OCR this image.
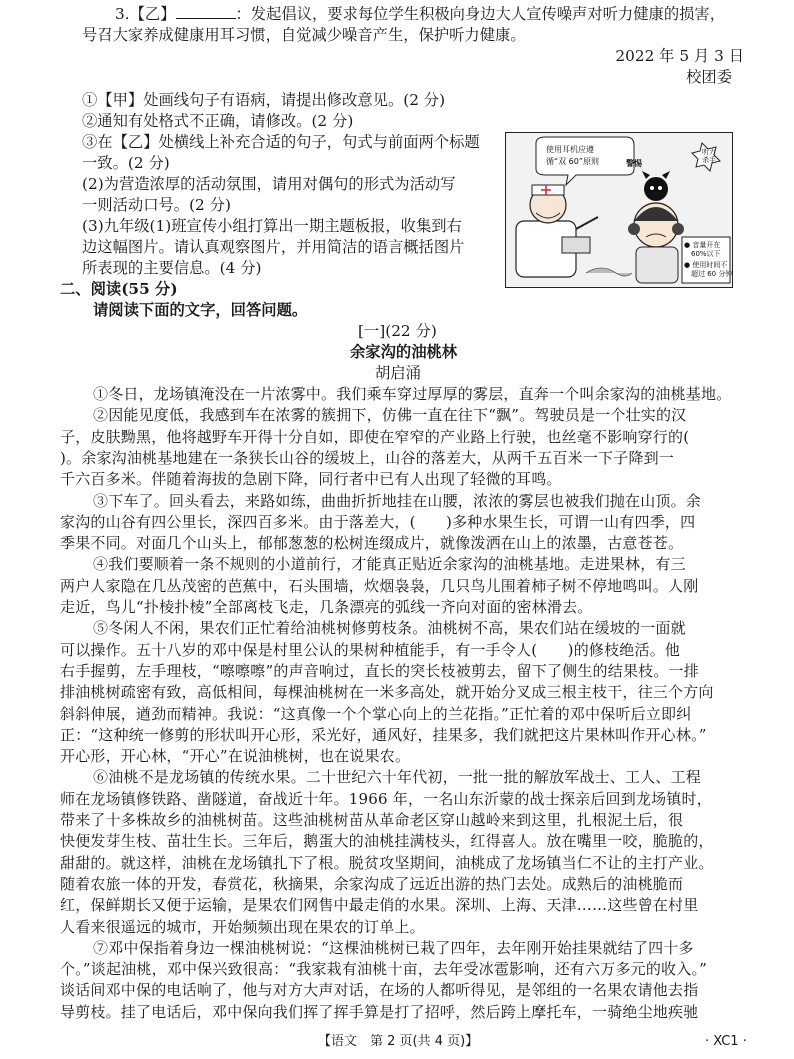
3.【乙】	：发起倡议，要求每位学生积极向身边大人宣传噪声对听力健康的损害，
号召大家养成健康用耳习惯，自觉减少噪音产生，保护听力健康。
2022 年 5 月 3 日
校团委
①【甲】处画线句子有语病，请提出修改意见。(2 分)
②通知有处格式不正确，请修改。(2 分)
③在【乙】处横线上补充合适的句子，句式与前面两个标题
一致。(2 分)
(2)为营造浓厚的活动氛围，请用对偶句的形式为活动写
一则活动口号。(2 分)
(3)九年级(1)班宣传小组打算出一期主题板报，收集到右
边这幅图片。请认真观察图片，并用简洁的语言概括图片
所表现的主要信息。(4 分)
使用耳机应遵
循“双 60”原则	警惕
听力
杀手
● 音量开在
60%以下
● 使用时间不
超过 60 分钟
二、阅读(55 分)
请阅读下面的文字，回答问题。
[一](22 分)
余家沟的油桃林
胡启涌
①冬日，龙场镇淹没在一片浓雾中。我们乘车穿过厚厚的雾层，直奔一个叫余家沟的油桃基地。
②因能见度低，我感到车在浓雾的簇拥下，仿佛一直在往下“飘”。驾驶员是一个壮实的汉
子，皮肤黝黑，他将越野车开得十分自如，即使在窄窄的产业路上行驶，也丝毫不影响穿行的(
)。余家沟油桃基地建在一条狭长山谷的缓坡上，山谷的落差大，从两千五百米一下子降到一
千六百多米。伴随着海拔的急剧下降，同行者中已有人出现了轻微的耳鸣。
③下车了。回头看去，来路如练，曲曲折折地挂在山腰，浓浓的雾层也被我们抛在山顶。余
家沟的山谷有四公里长，深四百多米。由于落差大，(　　)多种水果生长，可谓一山有四季，四
季果不同。对面几个山头上，郁郁葱葱的松树连缀成片，就像泼洒在山上的浓墨，古意苍苍。
④我们要顺着一条不规则的小道前行，才能真正贴近余家沟的油桃基地。走进果林，有三
两户人家隐在几丛茂密的芭蕉中，石头围墙，炊烟袅袅，几只鸟儿围着柿子树不停地鸣叫。人刚
走近，鸟儿“扑棱扑棱”全部离枝飞走，几条漂亮的弧线一齐向对面的密林滑去。
⑤冬闲人不闲，果农们正忙着给油桃树修剪枝条。油桃树不高，果农们站在缓坡的一面就
可以操作。五十八岁的邓中保是村里公认的果树种植能手，有一手令人(　　)的修枝绝活。他
右手握剪，左手理枝，“嚓嚓嚓”的声音响过，直长的突长枝被剪去，留下了侧生的结果枝。一排
排油桃树疏密有致，高低相间，每棵油桃树在一米多高处，就开始分叉成三根主枝干，往三个方向
斜斜伸展，遒劲而精神。我说：“这真像一个个掌心向上的兰花指。”正忙着的邓中保听后立即纠
正：“这种统一修剪的形状叫开心形，采光好，通风好，挂果多，我们就把这片果林叫作开心林。”
开心形，开心林，“开心”在说油桃树，也在说果农。
⑥油桃不是龙场镇的传统水果。二十世纪六十年代初，一批一批的解放军战士、工人、工程
师在龙场镇修铁路、凿隧道，奋战近十年。1966 年，一名山东沂蒙的战士探亲后回到龙场镇时，
带来了十多株故乡的油桃树苗。这些油桃树苗从革命老区穿山越岭来到这里，扎根泥土后，很
快便发芽生枝、苗壮生长。三年后，鹅蛋大的油桃挂满枝头，红得喜人。放在嘴里一咬，脆脆的，
甜甜的。就这样，油桃在龙场镇扎下了根。脱贫攻坚期间，油桃成了龙场镇当仁不让的主打产业。
随着农旅一体的开发，春赏花，秋摘果，余家沟成了远近出游的热门去处。成熟后的油桃脆而
红，保鲜期长又便于运输，是果农们网售中最走俏的水果。深圳、上海、天津……这些曾在村里
人看来很遥远的城市，开始频频出现在果农的订单上。
⑦邓中保指着身边一棵油桃树说：“这棵油桃树已栽了四年，去年刚开始挂果就结了四十多
个。”谈起油桃，邓中保兴致很高：“我家栽有油桃十亩，去年受冰雹影响，还有六万多元的收入。”
谈话间邓中保的电话响了，他与对方大声对话，在场的人都听得见，是邻组的一名果农请他去指
导剪枝。挂了电话后，邓中保向我们挥了挥手算是打了招呼，然后跨上摩托车，一骑绝尘地疾驰
【语文　第 2 页(共 4 页)】	· XC1 ·
